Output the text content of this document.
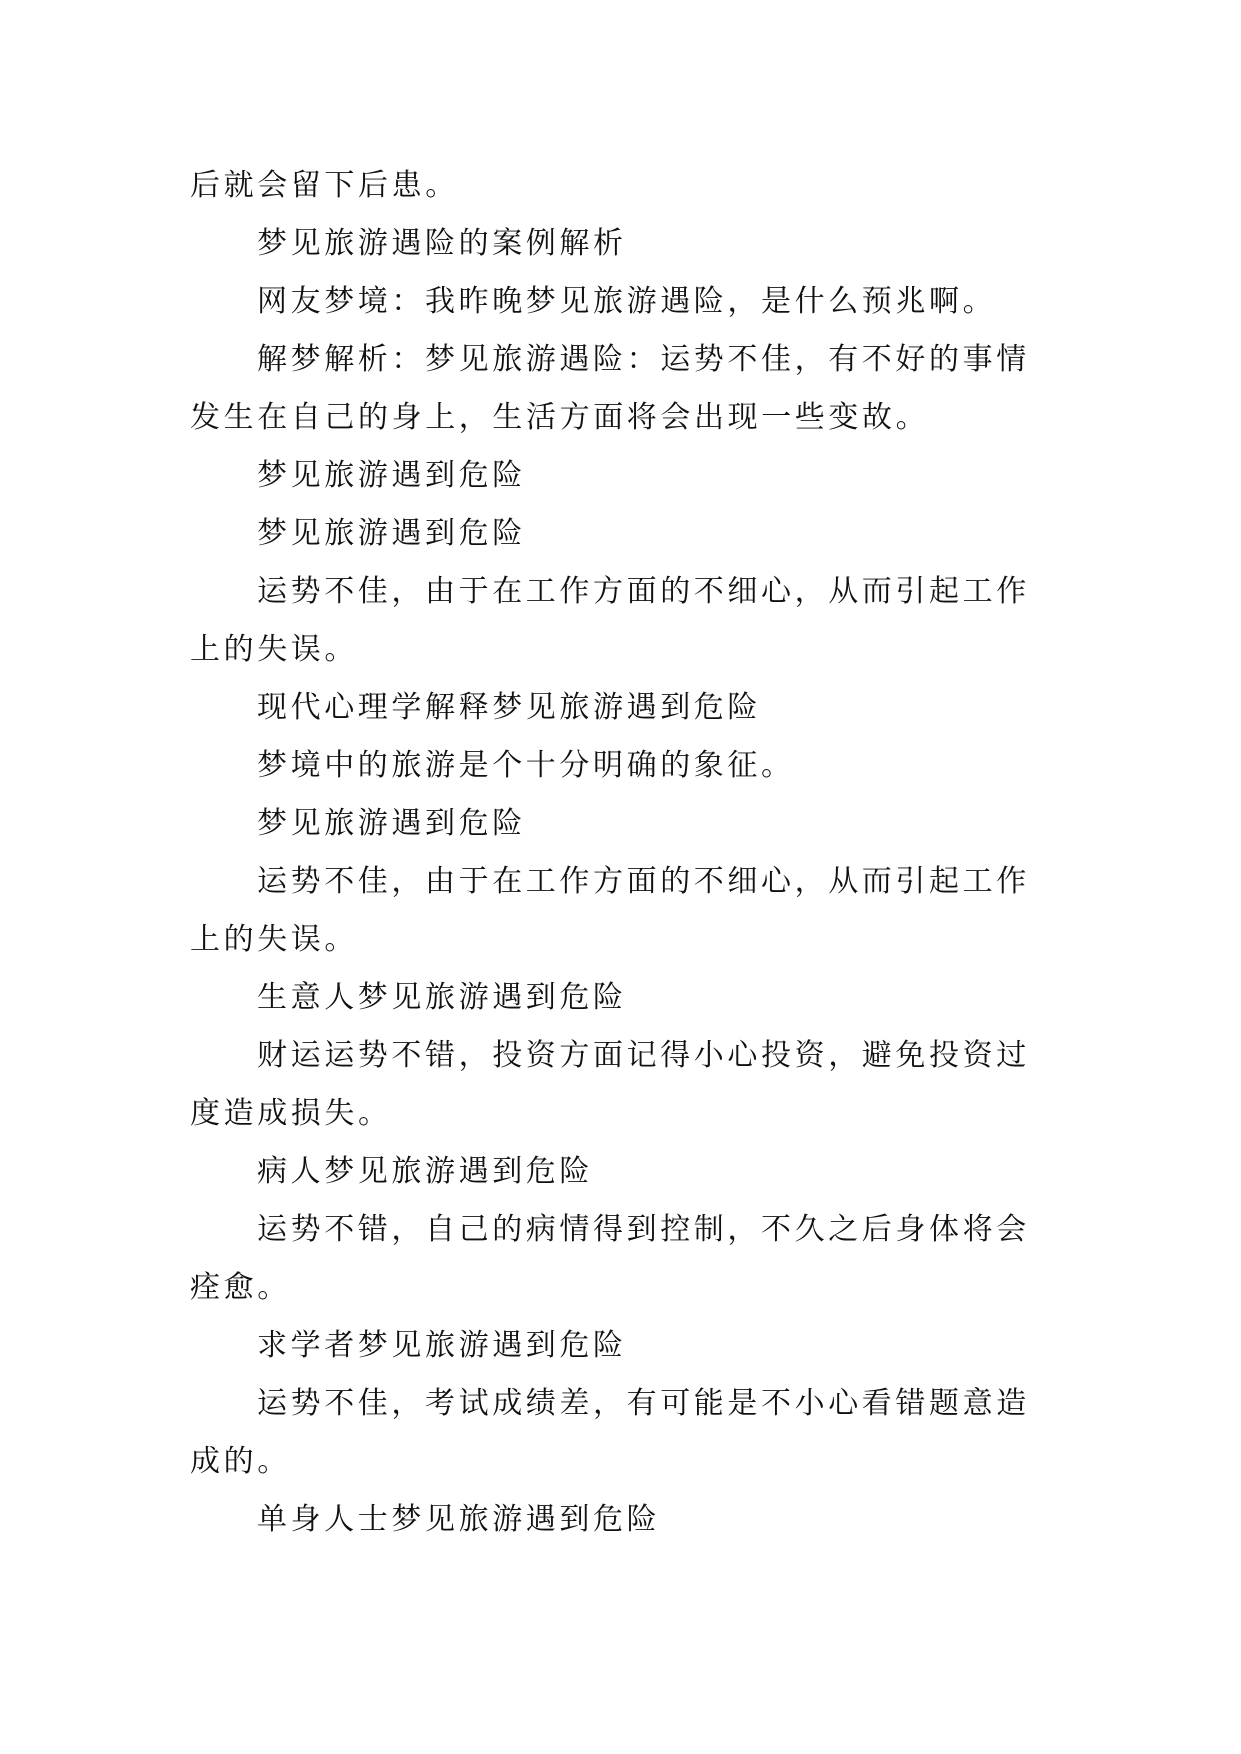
后就会留下后患。

梦见旅游遇险的案例解析

网友梦境：我昨晚梦见旅游遇险，是什么预兆啊。

解梦解析：梦见旅游遇险：运势不佳，有不好的事情发生在自己的身上，生活方面将会出现一些变故。

梦见旅游遇到危险

梦见旅游遇到危险

运势不佳，由于在工作方面的不细心，从而引起工作上的失误。

现代心理学解释梦见旅游遇到危险

梦境中的旅游是个十分明确的象征。

梦见旅游遇到危险

运势不佳，由于在工作方面的不细心，从而引起工作上的失误。

生意人梦见旅游遇到危险

财运运势不错，投资方面记得小心投资，避免投资过度造成损失。

病人梦见旅游遇到危险

运势不错，自己的病情得到控制，不久之后身体将会痊愈。

求学者梦见旅游遇到危险

运势不佳，考试成绩差，有可能是不小心看错题意造成的。

单身人士梦见旅游遇到危险
